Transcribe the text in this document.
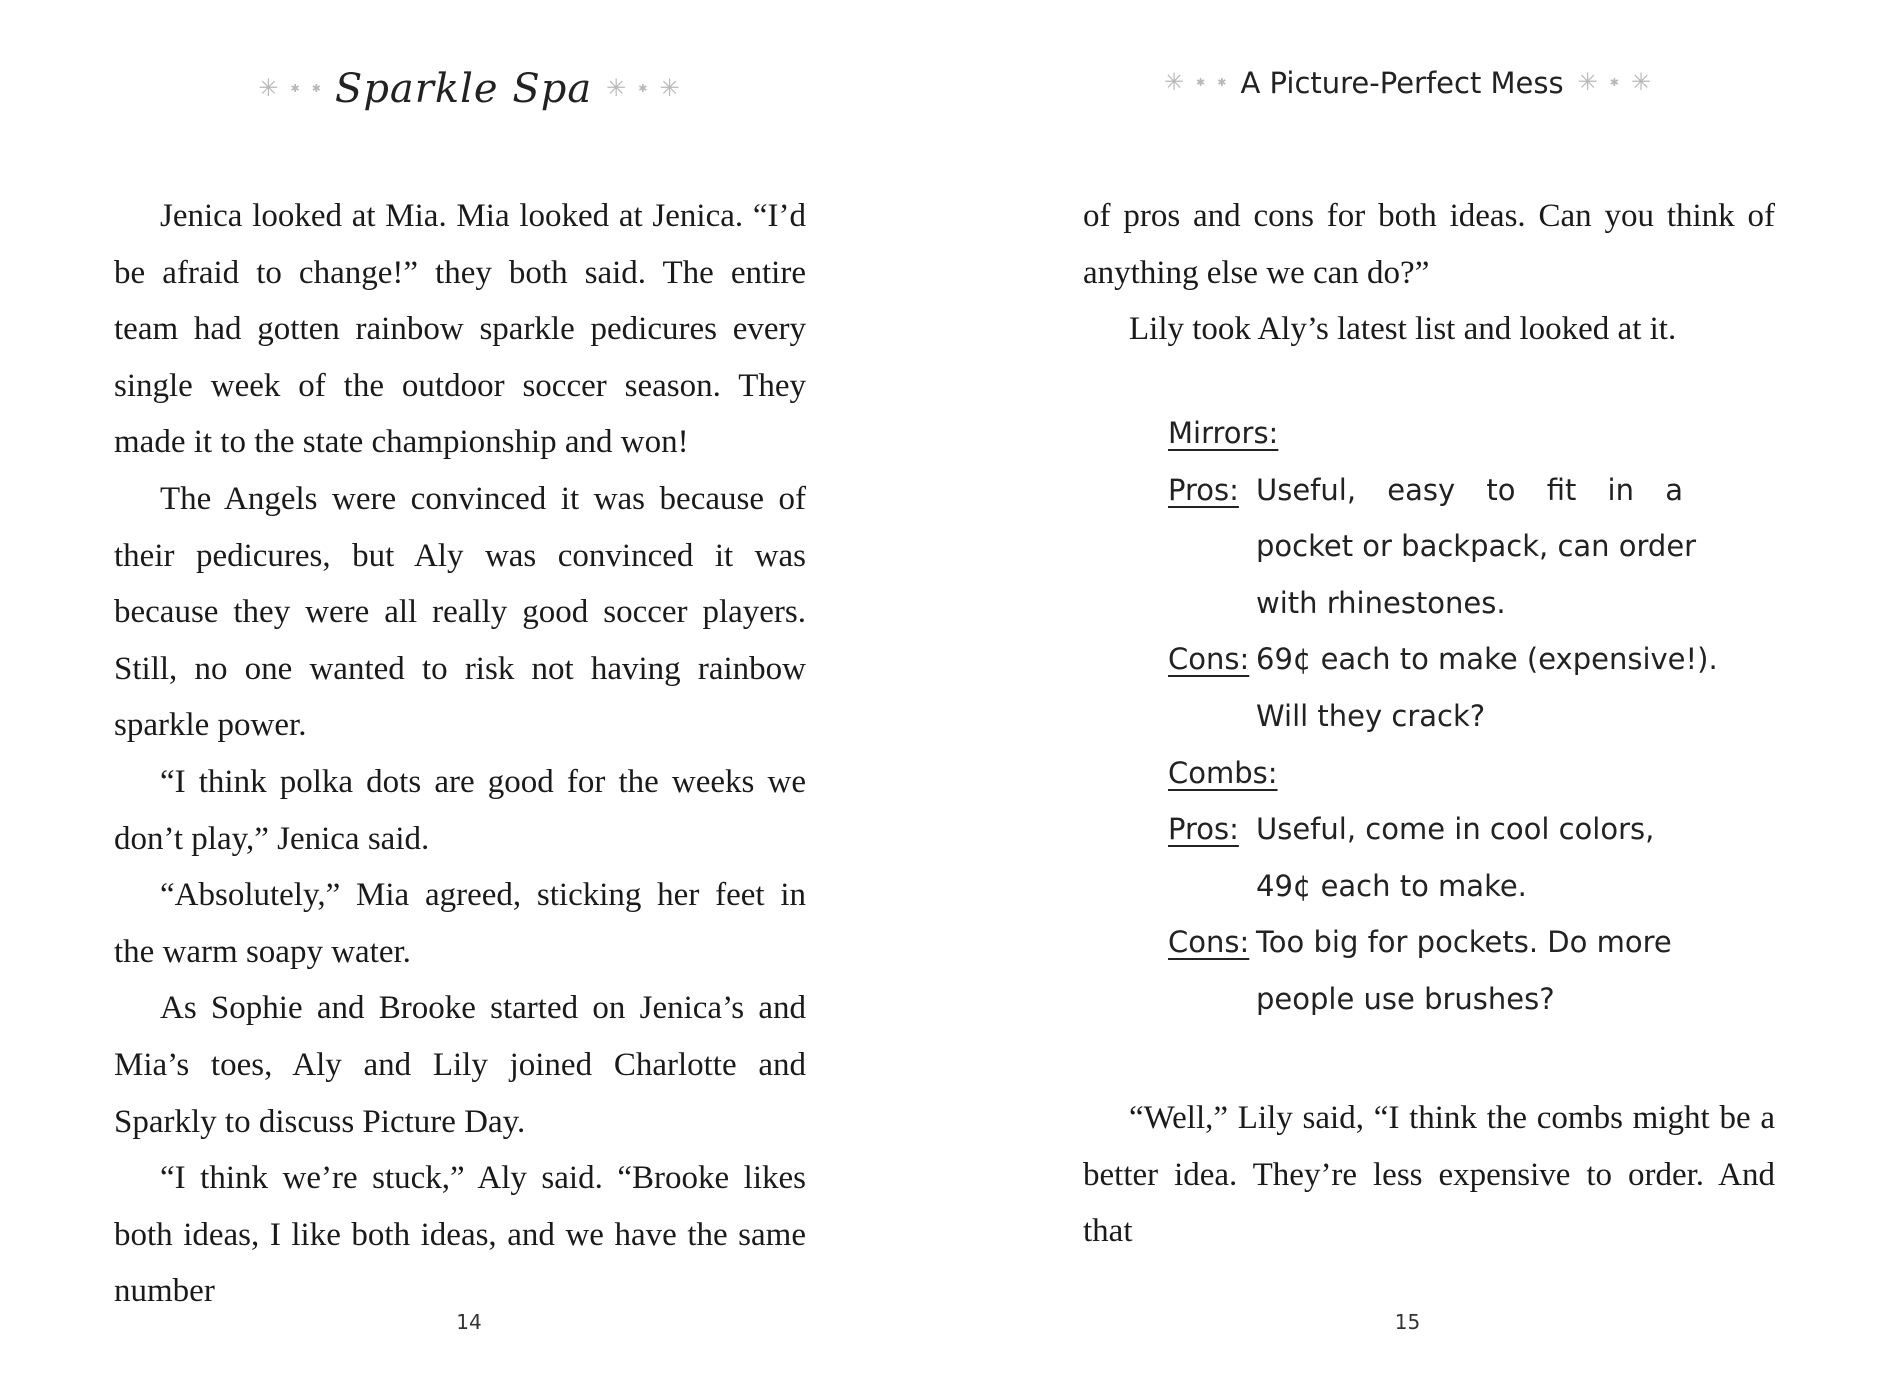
✳ ✱ ✱ Sparkle Spa ✳ ✱ ✳

Jenica looked at Mia. Mia looked at Jenica. “I’d be afraid to change!” they both said. The entire team had gotten rainbow sparkle pedicures every single week of the outdoor soccer season. They made it to the state championship and won!

The Angels were convinced it was because of their pedicures, but Aly was convinced it was because they were all really good soccer players. Still, no one wanted to risk not having rainbow sparkle power.

“I think polka dots are good for the weeks we don’t play,” Jenica said.

“Absolutely,” Mia agreed, sticking her feet in the warm soapy water.

As Sophie and Brooke started on Jenica’s and Mia’s toes, Aly and Lily joined Charlotte and Sparkly to discuss Picture Day.

“I think we’re stuck,” Aly said. “Brooke likes both ideas, I like both ideas, and we have the same number

14
✳ ✱ ✱ A Picture-Perfect Mess ✳ ✱ ✳

of pros and cons for both ideas. Can you think of anything else we can do?”

Lily took Aly’s latest list and looked at it.

Mirrors:
Pros: Useful, easy to fit in a
pocket or backpack, can order
with rhinestones.
Cons: 69¢ each to make (expensive!).
Will they crack?
Combs:
Pros: Useful, come in cool colors,
49¢ each to make.
Cons: Too big for pockets. Do more
people use brushes?

“Well,” Lily said, “I think the combs might be a better idea. They’re less expensive to order. And that

15
